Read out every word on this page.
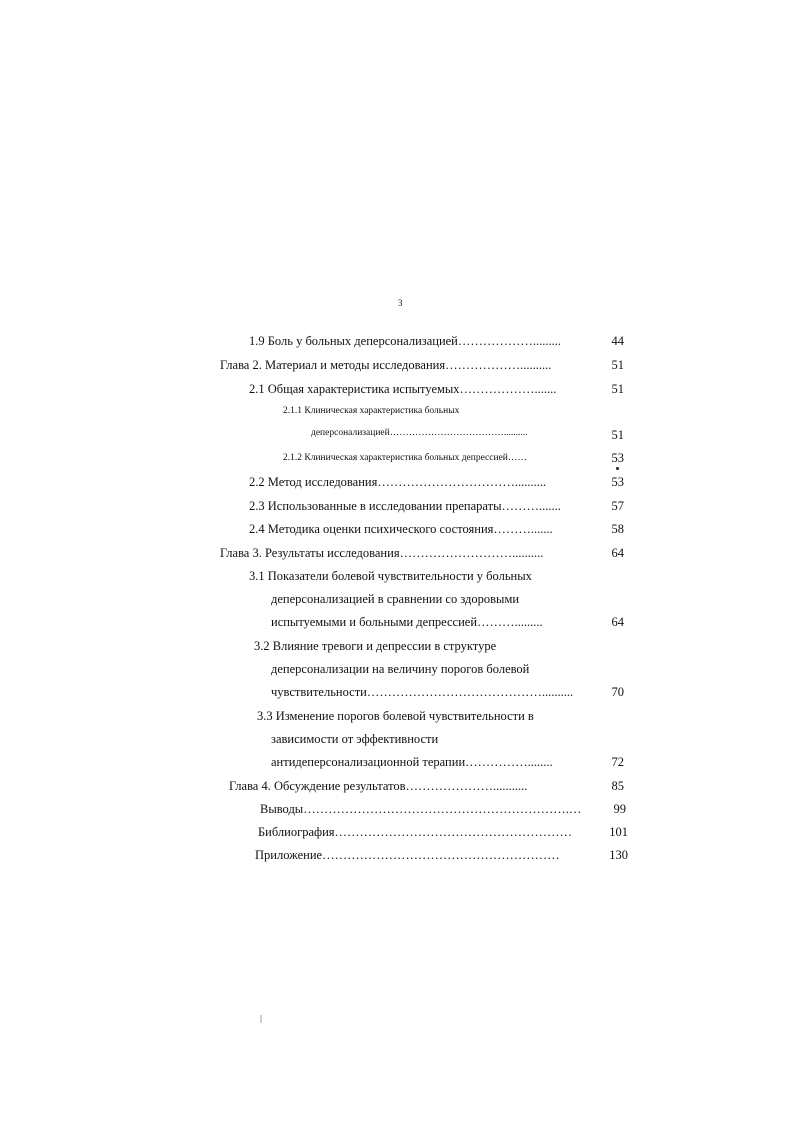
3
1.9 Боль у больных деперсонализацией……………….........	44
Глава 2. Материал и методы исследования………………..........	51
2.1 Общая характеристика испытуемых……………….......	51
2.1.1 Клиническая характеристика больных
деперсонализацией………………………………..........	51
2.1.2 Клиническая характеристика больных депрессией……	53
2.2 Метод исследования……………………………..........	53
2.3 Использованные в исследовании препараты……….......	57
2.4 Методика оценки психического состояния……….......	58
Глава 3. Результаты исследования………………………..........	64
3.1 Показатели болевой чувствительности у больных
деперсонализацией в сравнении со здоровыми
испытуемыми и больными депрессией……….........	64
3.2 Влияние тревоги и депрессии в структуре
деперсонализации на величину порогов болевой
чувствительности……………………………………..........	70
3.3 Изменение порогов болевой чувствительности в
зависимости от эффективности
антидеперсонализационной терапии……………........	72
Глава 4. Обсуждение результатов…………………...........	85
Выводы……………………………………………………….…	99
Библиография…………………………………………………	101
Приложение…………………………………………………	130
